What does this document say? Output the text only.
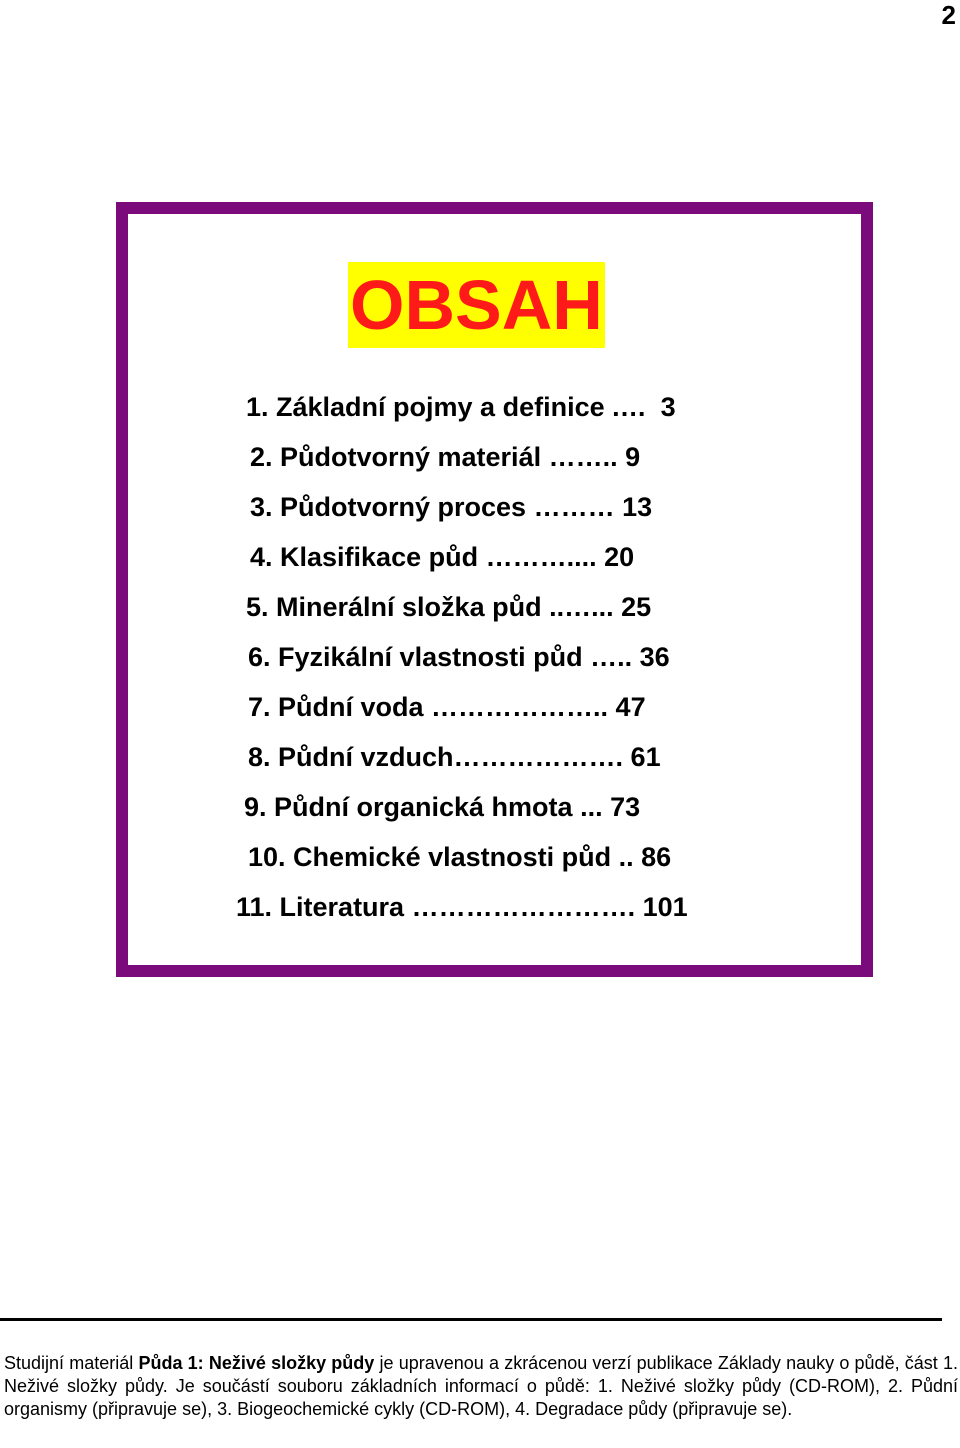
2
OBSAH
1. Základní pojmy a definice .… 3
2. Půdotvorný materiál …….. 9
3. Půdotvorný proces ……… 13
4. Klasifikace půd ……….... 20
5. Minerální složka půd ..…... 25
6. Fyzikální vlastnosti půd ….. 36
7. Půdní voda ……………….. 47
8. Půdní vzduch………………. 61
9. Půdní organická hmota ... 73
10. Chemické vlastnosti půd .. 86
11. Literatura ……………………. 101

Studijní materiál Půda 1: Neživé složky půdy je upravenou a zkrácenou verzí publikace Základy nauky o půdě, část 1. Neživé složky půdy. Je součástí souboru základních informací o půdě: 1. Neživé složky půdy (CD-ROM), 2. Půdní organismy (připravuje se), 3. Biogeochemické cykly (CD-ROM), 4. Degradace půdy (připravuje se).
